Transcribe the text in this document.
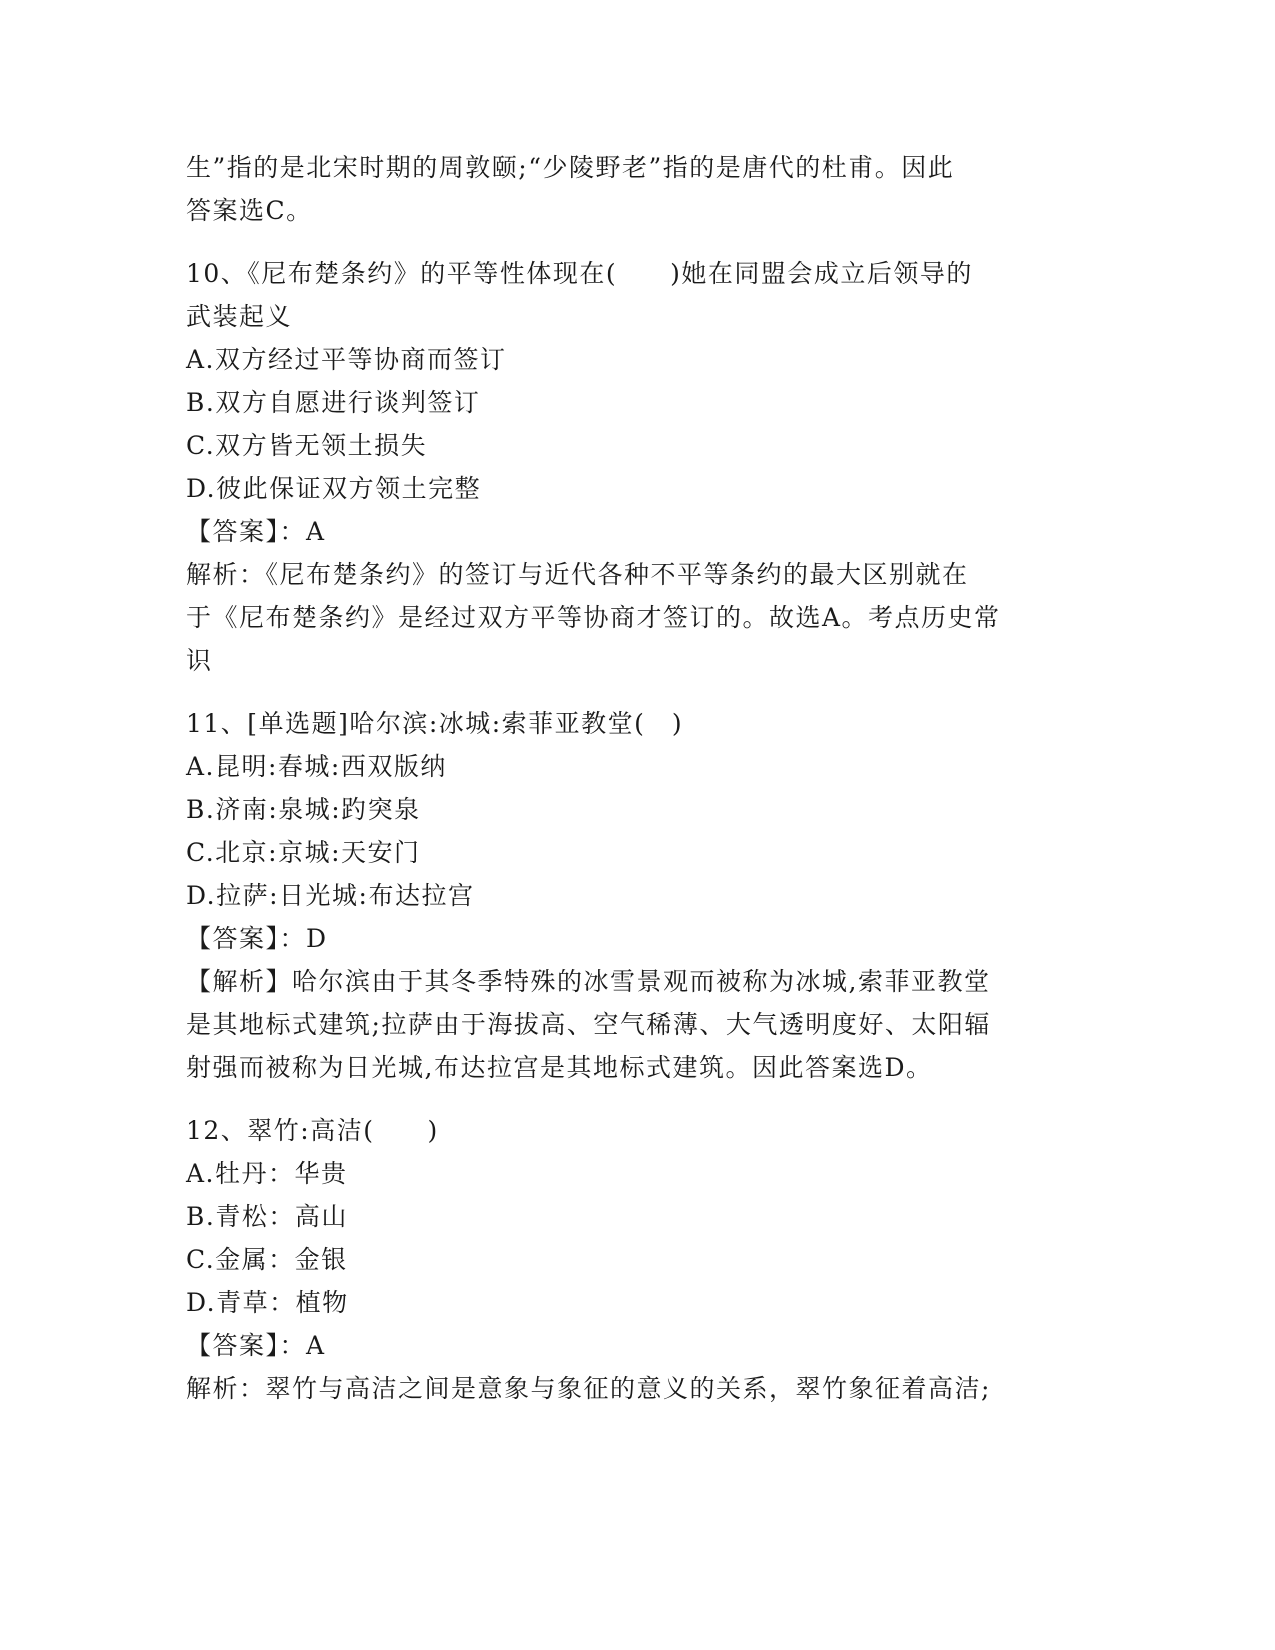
生”指的是北宋时期的周敦颐;“少陵野老”指的是唐代的杜甫。因此
答案选C。
10、《尼布楚条约》的平等性体现在(　　)她在同盟会成立后领导的
武装起义
A.双方经过平等协商而签订
B.双方自愿进行谈判签订
C.双方皆无领土损失
D.彼此保证双方领土完整
【答案】：A
解析：《尼布楚条约》的签订与近代各种不平等条约的最大区别就在
于《尼布楚条约》是经过双方平等协商才签订的。故选A。考点历史常
识
11、[单选题]哈尔滨:冰城:索菲亚教堂(　)
A.昆明:春城:西双版纳
B.济南:泉城:趵突泉
C.北京:京城:天安门
D.拉萨:日光城:布达拉宫
【答案】：D
【解析】哈尔滨由于其冬季特殊的冰雪景观而被称为冰城,索菲亚教堂
是其地标式建筑;拉萨由于海拔高、空气稀薄、大气透明度好、太阳辐
射强而被称为日光城,布达拉宫是其地标式建筑。因此答案选D。
12、翠竹:高洁(　　)
A.牡丹：华贵
B.青松：高山
C.金属：金银
D.青草：植物
【答案】：A
解析：翠竹与高洁之间是意象与象征的意义的关系，翠竹象征着高洁;
